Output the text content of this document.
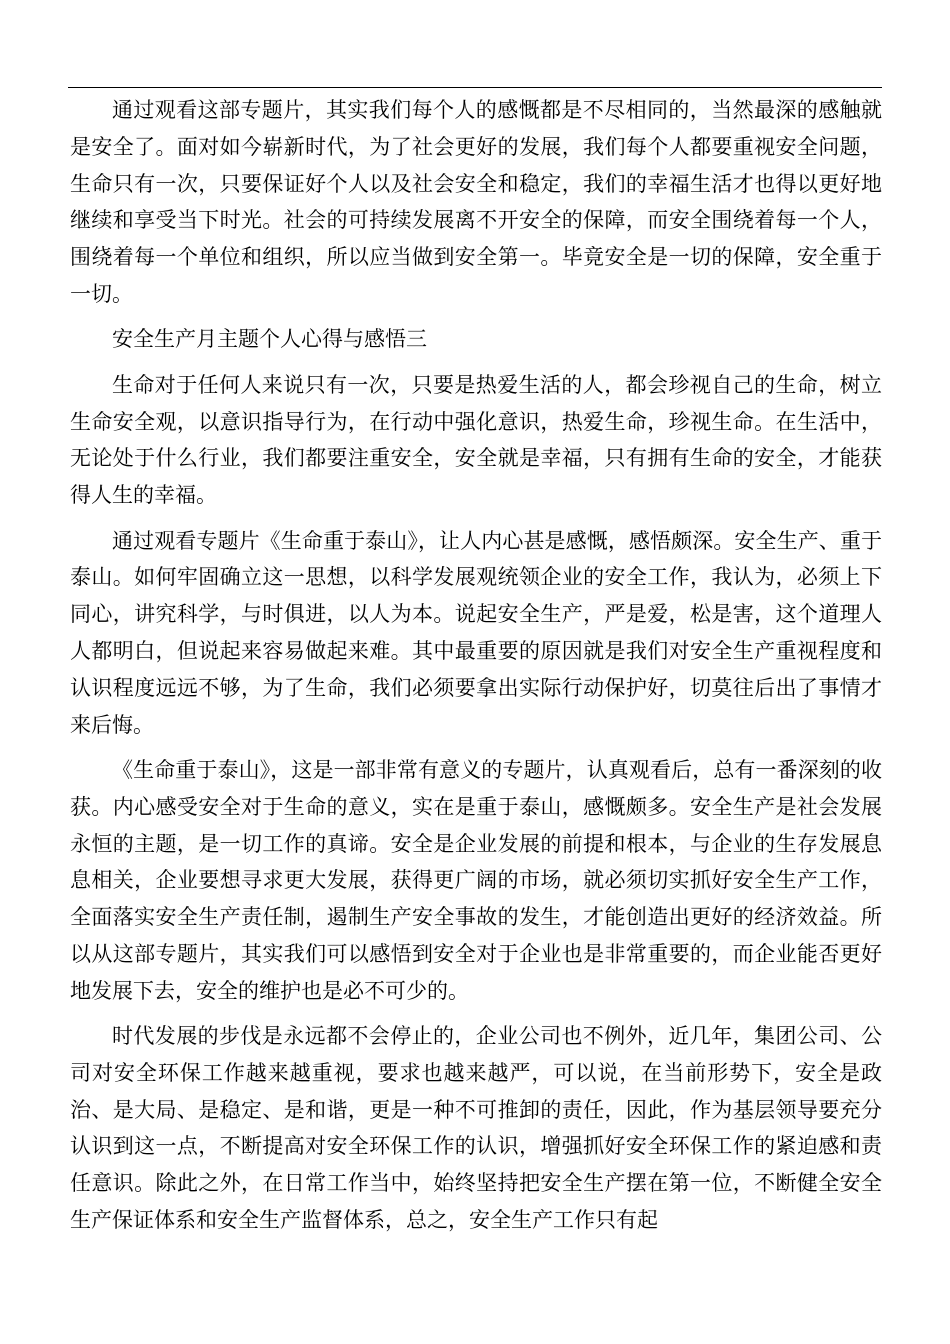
通过观看这部专题片，其实我们每个人的感慨都是不尽相同的，当然最深的感触就是安全了。面对如今崭新时代，为了社会更好的发展，我们每个人都要重视安全问题，生命只有一次，只要保证好个人以及社会安全和稳定，我们的幸福生活才也得以更好地继续和享受当下时光。社会的可持续发展离不开安全的保障，而安全围绕着每一个人，围绕着每一个单位和组织，所以应当做到安全第一。毕竟安全是一切的保障，安全重于一切。

安全生产月主题个人心得与感悟三

生命对于任何人来说只有一次，只要是热爱生活的人，都会珍视自己的生命，树立生命安全观，以意识指导行为，在行动中强化意识，热爱生命，珍视生命。在生活中，无论处于什么行业，我们都要注重安全，安全就是幸福，只有拥有生命的安全，才能获得人生的幸福。

通过观看专题片《生命重于泰山》，让人内心甚是感慨，感悟颇深。安全生产、重于泰山。如何牢固确立这一思想，以科学发展观统领企业的安全工作，我认为，必须上下同心，讲究科学，与时俱进，以人为本。说起安全生产，严是爱，松是害，这个道理人人都明白，但说起来容易做起来难。其中最重要的原因就是我们对安全生产重视程度和认识程度远远不够，为了生命，我们必须要拿出实际行动保护好，切莫往后出了事情才来后悔。

《生命重于泰山》，这是一部非常有意义的专题片，认真观看后，总有一番深刻的收获。内心感受安全对于生命的意义，实在是重于泰山，感慨颇多。安全生产是社会发展永恒的主题，是一切工作的真谛。安全是企业发展的前提和根本，与企业的生存发展息息相关，企业要想寻求更大发展，获得更广阔的市场，就必须切实抓好安全生产工作，全面落实安全生产责任制，遏制生产安全事故的发生，才能创造出更好的经济效益。所以从这部专题片，其实我们可以感悟到安全对于企业也是非常重要的，而企业能否更好地发展下去，安全的维护也是必不可少的。

时代发展的步伐是永远都不会停止的，企业公司也不例外，近几年，集团公司、公司对安全环保工作越来越重视，要求也越来越严，可以说，在当前形势下，安全是政治、是大局、是稳定、是和谐，更是一种不可推卸的责任，因此，作为基层领导要充分认识到这一点，不断提高对安全环保工作的认识，增强抓好安全环保工作的紧迫感和责任意识。除此之外，在日常工作当中，始终坚持把安全生产摆在第一位，不断健全安全生产保证体系和安全生产监督体系，总之，安全生产工作只有起
